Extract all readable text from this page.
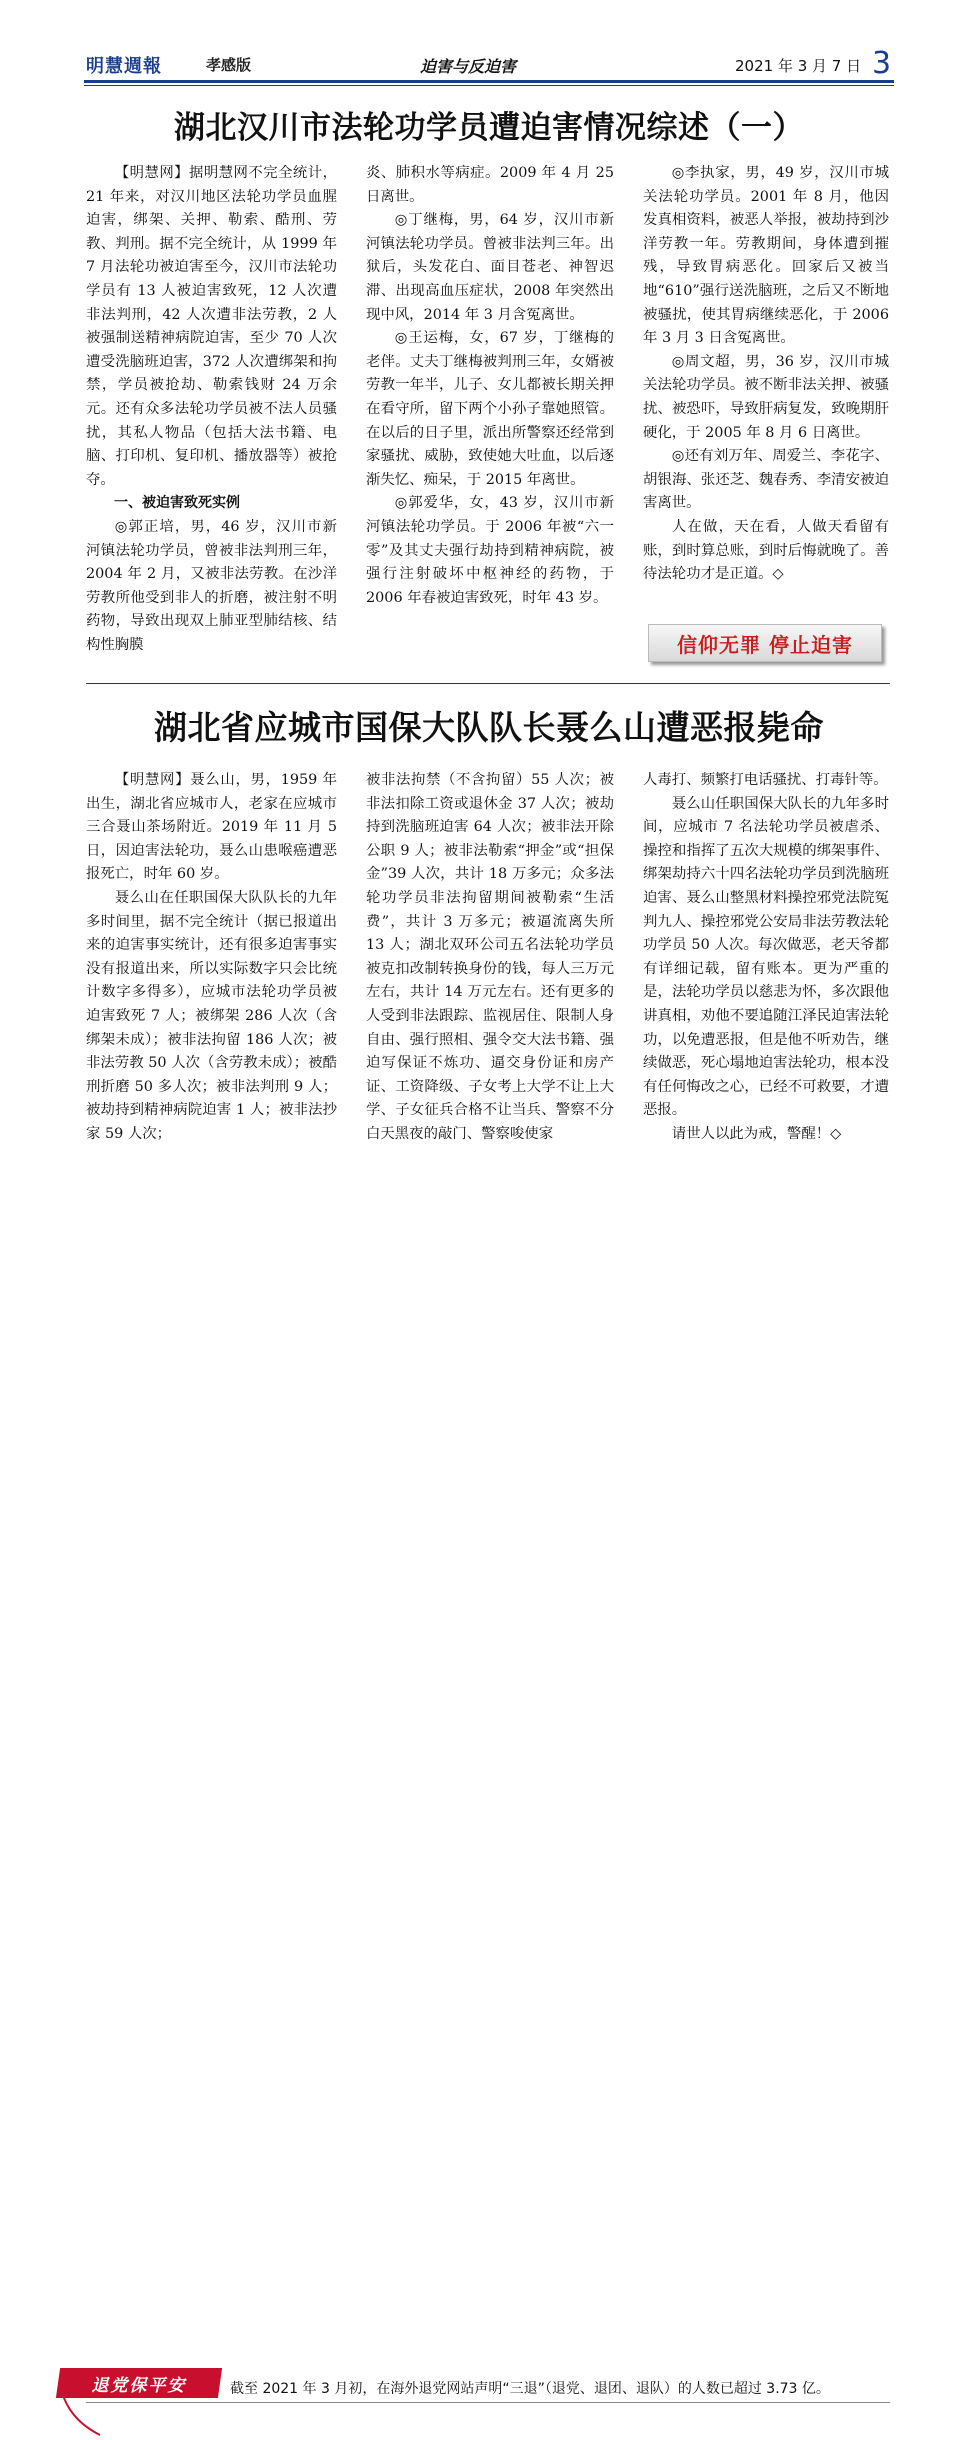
明慧週報	孝感版	迫害与反迫害	2021 年 3 月 7 日 3
湖北汉川市法轮功学员遭迫害情况综述（一）

【明慧网】据明慧网不完全统计，21 年来，对汉川地区法轮功学员血腥迫害，绑架、关押、勒索、酷刑、劳教、判刑。据不完全统计，从 1999 年 7 月法轮功被迫害至今，汉川市法轮功学员有 13 人被迫害致死，12 人次遭非法判刑，42 人次遭非法劳教，2 人被强制送精神病院迫害，至少 70 人次遭受洗脑班迫害，372 人次遭绑架和拘禁，学员被抢劫、勒索钱财 24 万余元。还有众多法轮功学员被不法人员骚扰，其私人物品（包括大法书籍、电脑、打印机、复印机、播放器等）被抢夺。

一、被迫害致死实例

◎郭正培，男，46 岁，汉川市新河镇法轮功学员，曾被非法判刑三年，2004 年 2 月，又被非法劳教。在沙洋劳教所他受到非人的折磨，被注射不明药物，导致出现双上肺亚型肺结核、结构性胸膜

炎、肺积水等病症。2009 年 4 月 25 日离世。

◎丁继梅，男，64 岁，汉川市新河镇法轮功学员。曾被非法判三年。出狱后，头发花白、面目苍老、神智迟滞、出现高血压症状，2008 年突然出现中风，2014 年 3 月含冤离世。

◎王运梅，女，67 岁，丁继梅的老伴。丈夫丁继梅被判刑三年，女婿被劳教一年半，儿子、女儿都被长期关押在看守所，留下两个小孙子靠她照管。在以后的日子里，派出所警察还经常到家骚扰、威胁，致使她大吐血，以后逐渐失忆、痴呆，于 2015 年离世。

◎郭爱华，女，43 岁，汉川市新河镇法轮功学员。于 2006 年被“六一零”及其丈夫强行劫持到精神病院，被强行注射破坏中枢神经的药物，于 2006 年春被迫害致死，时年 43 岁。

◎李执家，男，49 岁，汉川市城关法轮功学员。2001 年 8 月，他因发真相资料，被恶人举报，被劫持到沙洋劳教一年。劳教期间，身体遭到摧残，导致胃病恶化。回家后又被当地“610”强行送洗脑班，之后又不断地被骚扰，使其胃病继续恶化，于 2006 年 3 月 3 日含冤离世。

◎周文超，男，36 岁，汉川市城关法轮功学员。被不断非法关押、被骚扰、被恐吓，导致肝病复发，致晚期肝硬化，于 2005 年 8 月 6 日离世。

◎还有刘万年、周爱兰、李花字、胡银海、张还芝、魏春秀、李清安被迫害离世。

人在做，天在看，人做天看留有账，到时算总账，到时后悔就晚了。善待法轮功才是正道。◇

信仰无罪 停止迫害
湖北省应城市国保大队队长聂么山遭恶报毙命

【明慧网】聂么山，男，1959 年出生，湖北省应城市人，老家在应城市三合聂山茶场附近。2019 年 11 月 5 日，因迫害法轮功，聂么山患喉癌遭恶报死亡，时年 60 岁。

聂么山在任职国保大队队长的九年多时间里，据不完全统计（据已报道出来的迫害事实统计，还有很多迫害事实没有报道出来，所以实际数字只会比统计数字多得多），应城市法轮功学员被迫害致死 7 人；被绑架 286 人次（含绑架未成）；被非法拘留 186 人次；被非法劳教 50 人次（含劳教未成）；被酷刑折磨 50 多人次；被非法判刑 9 人；被劫持到精神病院迫害 1 人；被非法抄家 59 人次；

被非法拘禁（不含拘留）55 人次；被非法扣除工资或退休金 37 人次；被劫持到洗脑班迫害 64 人次；被非法开除公职 9 人；被非法勒索“押金”或“担保金”39 人次，共计 18 万多元；众多法轮功学员非法拘留期间被勒索“生活费”，共计 3 万多元；被逼流离失所 13 人；湖北双环公司五名法轮功学员被克扣改制转换身份的钱，每人三万元左右，共计 14 万元左右。还有更多的人受到非法跟踪、监视居住、限制人身自由、强行照相、强令交大法书籍、强迫写保证不炼功、逼交身份证和房产证、工资降级、子女考上大学不让上大学、子女征兵合格不让当兵、警察不分白天黑夜的敲门、警察唆使家

人毒打、频繁打电话骚扰、打毒针等。

聂么山任职国保大队长的九年多时间，应城市 7 名法轮功学员被虐杀、操控和指挥了五次大规模的绑架事件、绑架劫持六十四名法轮功学员到洗脑班迫害、聂么山整黑材料操控邪党法院冤判九人、操控邪党公安局非法劳教法轮功学员 50 人次。每次做恶，老天爷都有详细记载，留有账本。更为严重的是，法轮功学员以慈悲为怀，多次跟他讲真相，劝他不要追随江泽民迫害法轮功，以免遭恶报，但是他不听劝告，继续做恶，死心塌地迫害法轮功，根本没有任何悔改之心，已经不可救要，才遭恶报。

请世人以此为戒，警醒！◇

退党保平安	截至 2021 年 3 月初，在海外退党网站声明“三退”（退党、退团、退队）的人数已超过 3.73 亿。
